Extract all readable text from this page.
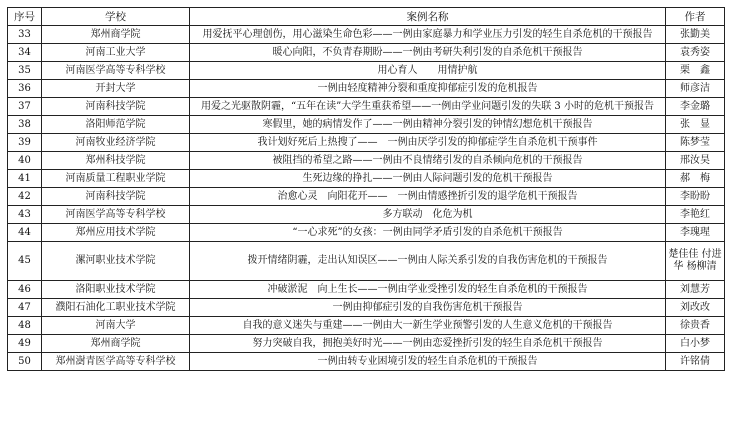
序号	学校	案例名称	作者
33	郑州商学院	用爱抚平心理创伤，用心滋染生命色彩——一例由家庭暴力和学业压力引发的轻生自杀危机的干预报告	张勤美
34	河南工业大学	暖心向阳，不负青春期盼——一例由考研失利引发的自杀危机干预报告	袁秀姿
35	河南医学高等专科学校	用心育人　　用情护航	栗　鑫
36	开封大学	一例由轻度精神分裂和重度抑郁症引发的危机报告	师彦洁
37	河南科技学院	用爱之光驱散阴霾，“五年在读”大学生重获希望——一例由学业问题引发的失联 3 小时的危机干预报告	李金璐
38	洛阳师范学院	寒假里，她的病情发作了——一例由精神分裂引发的钟情幻想危机干预报告	张　显
39	河南牧业经济学院	我计划好死后上热搜了——　一例由厌学引发的抑郁症学生自杀危机干预事件	陈梦莹
40	郑州科技学院	被阻挡的希望之路——一例由不良情绪引发的自杀倾向危机的干预报告	邢汝昊
41	河南质量工程职业学院	生死边缘的挣扎——一例由人际问题引发的危机干预报告	郝　梅
42	河南科技学院	治愈心灵　向阳花开——　一例由情感挫折引发的退学危机干预报告	李盼盼
43	河南医学高等专科学校	多方联动　化危为机	李艳红
44	郑州应用技术学院	“一心求死”的女孩：一例由同学矛盾引发的自杀危机干预报告	李瑰瑆
45	漯河职业技术学院	拨开情绪阴霾，走出认知误区——一例由人际关系引发的自我伤害危机的干预报告	楚佳佳 付进华 杨柳清
46	洛阳职业技术学院	冲破淤泥　向上生长——一例由学业受挫引发的轻生自杀危机的干预报告	刘慧芳
47	濮阳石油化工职业技术学院	一例由抑郁症引发的自我伤害危机干预报告	刘改改
48	河南大学	自我的意义迷失与重建——一例由大一新生学业预警引发的人生意义危机的干预报告	徐贵香
49	郑州商学院	努力突破自我，拥抱美好时光——一例由恋爱挫折引发的轻生自杀危机干预报告	白小梦
50	郑州澍青医学高等专科学校	一例由转专业困境引发的轻生自杀危机的干预报告	许铭倩
